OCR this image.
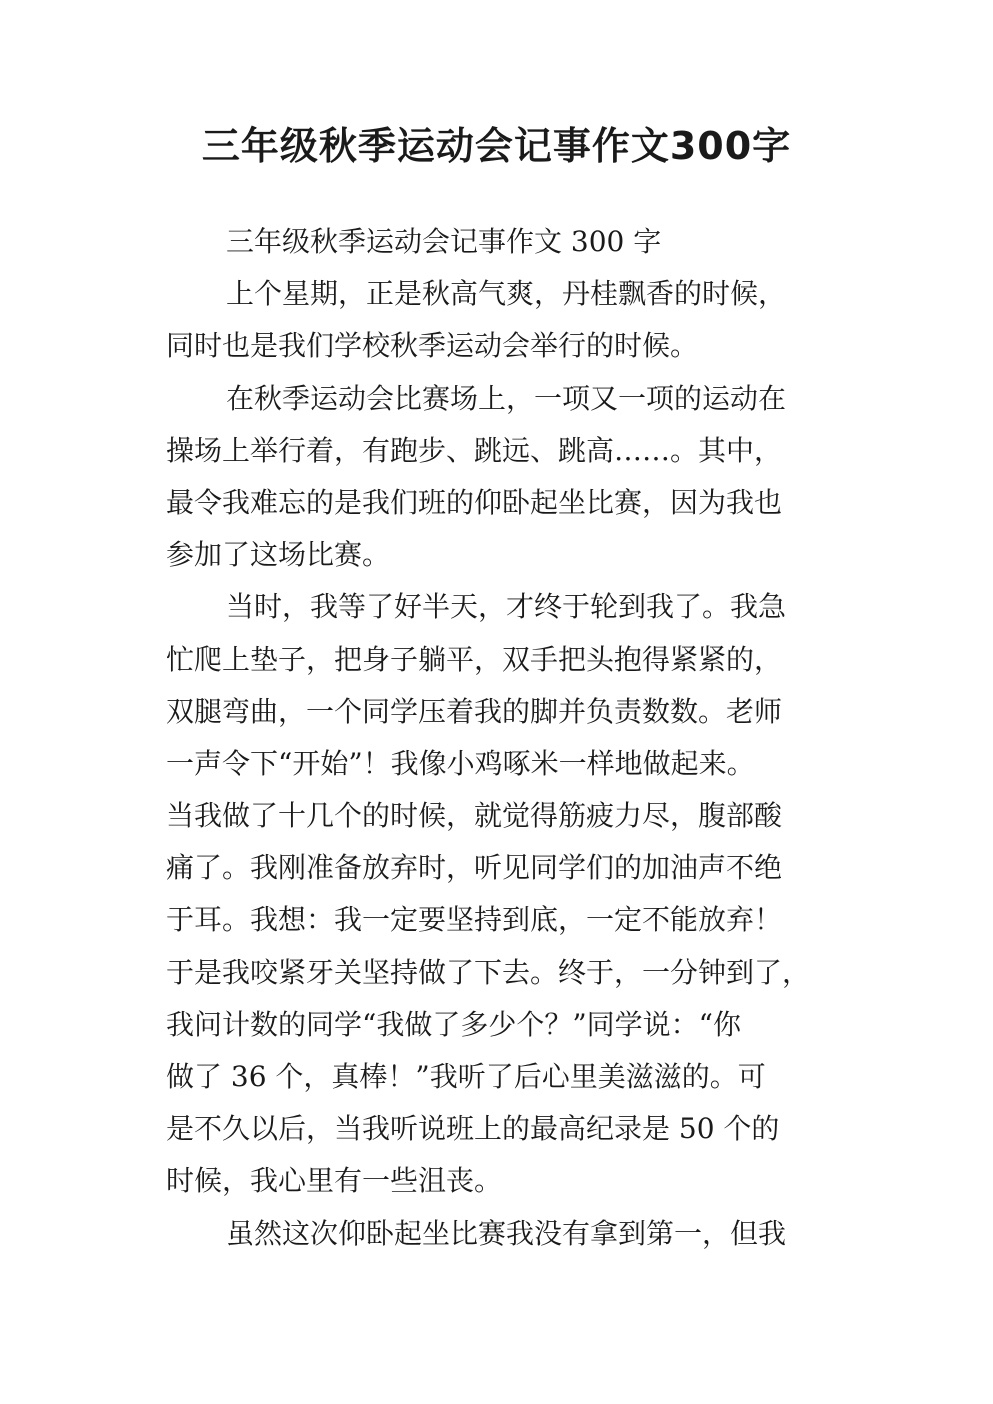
三年级秋季运动会记事作文300字
三年级秋季运动会记事作文 300 字
上个星期，正是秋高气爽，丹桂飘香的时候，
同时也是我们学校秋季运动会举行的时候。
在秋季运动会比赛场上，一项又一项的运动在
操场上举行着，有跑步、跳远、跳高……。其中，
最令我难忘的是我们班的仰卧起坐比赛，因为我也
参加了这场比赛。
当时，我等了好半天，才终于轮到我了。我急
忙爬上垫子，把身子躺平，双手把头抱得紧紧的，
双腿弯曲，一个同学压着我的脚并负责数数。老师
一声令下“开始”！我像小鸡啄米一样地做起来。
当我做了十几个的时候，就觉得筋疲力尽，腹部酸
痛了。我刚准备放弃时，听见同学们的加油声不绝
于耳。我想：我一定要坚持到底，一定不能放弃！
于是我咬紧牙关坚持做了下去。终于，一分钟到了，
我问计数的同学“我做了多少个？”同学说：“你
做了 36 个，真棒！”我听了后心里美滋滋的。可
是不久以后，当我听说班上的最高纪录是 50 个的
时候，我心里有一些沮丧。
虽然这次仰卧起坐比赛我没有拿到第一，但我
